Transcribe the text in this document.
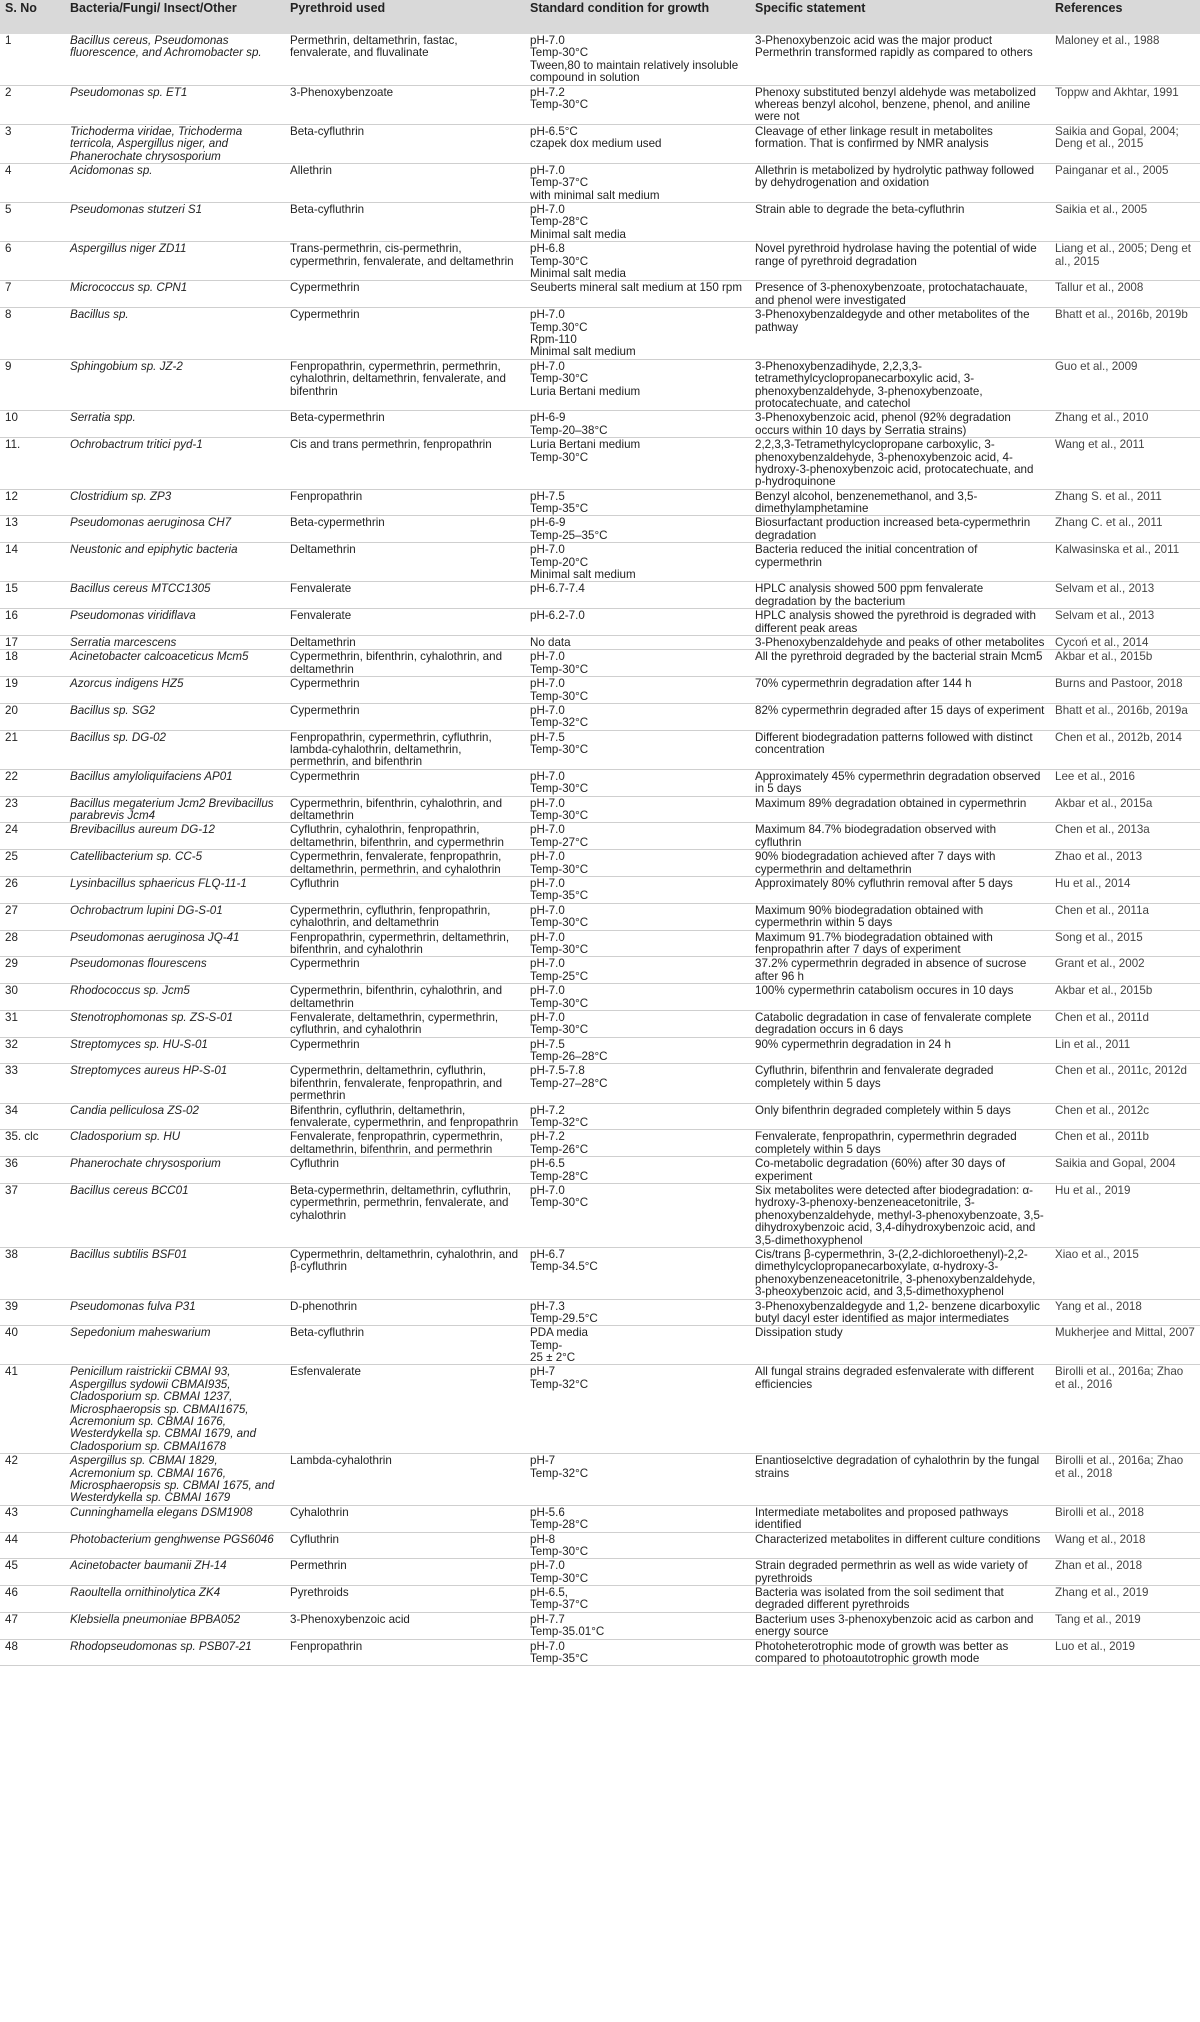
S. No	Bacteria/Fungi/ Insect/Other	Pyrethroid used	Standard condition for growth	Specific statement	References
1	Bacillus cereus, Pseudomonas fluorescence, and Achromobacter sp.	Permethrin, deltamethrin, fastac, fenvalerate, and fluvalinate	pH-7.0
Temp-30°C
Tween,80 to maintain relatively insoluble compound in solution	3-Phenoxybenzoic acid was the major product
Permethrin transformed rapidly as compared to others	Maloney et al., 1988
2	Pseudomonas sp. ET1	3-Phenoxybenzoate	pH-7.2
Temp-30°C	Phenoxy substituted benzyl aldehyde was metabolized whereas benzyl alcohol, benzene, phenol, and aniline were not	Toppw and Akhtar, 1991
3	Trichoderma viridae, Trichoderma terricola, Aspergillus niger, and Phanerochate chrysosporium	Beta-cyfluthrin	pH-6.5°C
czapek dox medium used	Cleavage of ether linkage result in metabolites formation. That is confirmed by NMR analysis	Saikia and Gopal, 2004; Deng et al., 2015
4	Acidomonas sp.	Allethrin	pH-7.0
Temp-37°C
with minimal salt medium	Allethrin is metabolized by hydrolytic pathway followed by dehydrogenation and oxidation	Painganar et al., 2005
5	Pseudomonas stutzeri S1	Beta-cyfluthrin	pH-7.0
Temp-28°C
Minimal salt media	Strain able to degrade the beta-cyfluthrin	Saikia et al., 2005
6	Aspergillus niger ZD11	Trans-permethrin, cis-permethrin, cypermethrin, fenvalerate, and deltamethrin	pH-6.8
Temp-30°C
Minimal salt media	Novel pyrethroid hydrolase having the potential of wide range of pyrethroid degradation	Liang et al., 2005; Deng et al., 2015
7	Micrococcus sp. CPN1	Cypermethrin	Seuberts mineral salt medium at 150 rpm	Presence of 3-phenoxybenzoate, protochatachauate, and phenol were investigated	Tallur et al., 2008
8	Bacillus sp.	Cypermethrin	pH-7.0
Temp.30°C
Rpm-110
Minimal salt medium	3-Phenoxybenzaldegyde and other metabolites of the pathway	Bhatt et al., 2016b, 2019b
9	Sphingobium sp. JZ-2	Fenpropathrin, cypermethrin, permethrin, cyhalothrin, deltamethrin, fenvalerate, and bifenthrin	pH-7.0
Temp-30°C
Luria Bertani medium	3-Phenoxybenzadihyde, 2,2,3,3-tetramethylcyclopropanecarboxylic acid, 3-phenoxybenzaldehyde, 3-phenoxybenzoate, protocatechuate, and catechol	Guo et al., 2009
10	Serratia spp.	Beta-cypermethrin	pH-6-9
Temp-20–38°C	3-Phenoxybenzoic acid, phenol (92% degradation occurs within 10 days by Serratia strains)	Zhang et al., 2010
11.	Ochrobactrum tritici pyd-1	Cis and trans permethrin, fenpropathrin	Luria Bertani medium
Temp-30°C	2,2,3,3-Tetramethylcyclopropane carboxylic, 3-phenoxybenzaldehyde, 3-phenoxybenzoic acid, 4-hydroxy-3-phenoxybenzoic acid, protocatechuate, and p-hydroquinone	Wang et al., 2011
12	Clostridium sp. ZP3	Fenpropathrin	pH-7.5
Temp-35°C	Benzyl alcohol, benzenemethanol, and 3,5-dimethylamphetamine	Zhang S. et al., 2011
13	Pseudomonas aeruginosa CH7	Beta-cypermethrin	pH-6-9
Temp-25–35°C	Biosurfactant production increased beta-cypermethrin degradation	Zhang C. et al., 2011
14	Neustonic and epiphytic bacteria	Deltamethrin	pH-7.0
Temp-20°C
Minimal salt medium	Bacteria reduced the initial concentration of cypermethrin	Kalwasinska et al., 2011
15	Bacillus cereus MTCC1305	Fenvalerate	pH-6.7-7.4	HPLC analysis showed 500 ppm fenvalerate degradation by the bacterium	Selvam et al., 2013
16	Pseudomonas viridiflava	Fenvalerate	pH-6.2-7.0	HPLC analysis showed the pyrethroid is degraded with different peak areas	Selvam et al., 2013
17	Serratia marcescens	Deltamethrin	No data	3-Phenoxybenzaldehyde and peaks of other metabolites	Cycoń et al., 2014
18	Acinetobacter calcoaceticus Mcm5	Cypermethrin, bifenthrin, cyhalothrin, and deltamethrin	pH-7.0
Temp-30°C	All the pyrethroid degraded by the bacterial strain Mcm5	Akbar et al., 2015b
19	Azorcus indigens HZ5	Cypermethrin	pH-7.0
Temp-30°C	70% cypermethrin degradation after 144 h	Burns and Pastoor, 2018
20	Bacillus sp. SG2	Cypermethrin	pH-7.0
Temp-32°C	82% cypermethrin degraded after 15 days of experiment	Bhatt et al., 2016b, 2019a
21	Bacillus sp. DG-02	Fenpropathrin, cypermethrin, cyfluthrin, lambda-cyhalothrin, deltamethrin, permethrin, and bifenthrin	pH-7.5
Temp-30°C	Different biodegradation patterns followed with distinct concentration	Chen et al., 2012b, 2014
22	Bacillus amyloliquifaciens AP01	Cypermethrin	pH-7.0
Temp-30°C	Approximately 45% cypermethrin degradation observed in 5 days	Lee et al., 2016
23	Bacillus megaterium Jcm2 Brevibacillus parabrevis Jcm4	Cypermethrin, bifenthrin, cyhalothrin, and deltamethrin	pH-7.0
Temp-30°C	Maximum 89% degradation obtained in cypermethrin	Akbar et al., 2015a
24	Brevibacillus aureum DG-12	Cyfluthrin, cyhalothrin, fenpropathrin, deltamethrin, bifenthrin, and cypermethrin	pH-7.0
Temp-27°C	Maximum 84.7% biodegradation observed with cyfluthrin	Chen et al., 2013a
25	Catellibacterium sp. CC-5	Cypermethrin, fenvalerate, fenpropathrin, deltamethrin, permethrin, and cyhalothrin	pH-7.0
Temp-30°C	90% biodegradation achieved after 7 days with cypermethrin and deltamethrin	Zhao et al., 2013
26	Lysinbacillus sphaericus FLQ-11-1	Cyfluthrin	pH-7.0
Temp-35°C	Approximately 80% cyfluthrin removal after 5 days	Hu et al., 2014
27	Ochrobactrum lupini DG-S-01	Cypermethrin, cyfluthrin, fenpropathrin, cyhalothrin, and deltamethrin	pH-7.0
Temp-30°C	Maximum 90% biodegradation obtained with cypermethrin within 5 days	Chen et al., 2011a
28	Pseudomonas aeruginosa JQ-41	Fenpropathrin, cypermethrin, deltamethrin, bifenthrin, and cyhalothrin	pH-7.0
Temp-30°C	Maximum 91.7% biodegradation obtained with fenpropathrin after 7 days of experiment	Song et al., 2015
29	Pseudomonas flourescens	Cypermethrin	pH-7.0
Temp-25°C	37.2% cypermethrin degraded in absence of sucrose after 96 h	Grant et al., 2002
30	Rhodococcus sp. Jcm5	Cypermethrin, bifenthrin, cyhalothrin, and deltamethrin	pH-7.0
Temp-30°C	100% cypermethrin catabolism occures in 10 days	Akbar et al., 2015b
31	Stenotrophomonas sp. ZS-S-01	Fenvalerate, deltamethrin, cypermethrin, cyfluthrin, and cyhalothrin	pH-7.0
Temp-30°C	Catabolic degradation in case of fenvalerate complete degradation occurs in 6 days	Chen et al., 2011d
32	Streptomyces sp. HU-S-01	Cypermethrin	pH-7.5
Temp-26–28°C	90% cypermethrin degradation in 24 h	Lin et al., 2011
33	Streptomyces aureus HP-S-01	Cypermethrin, deltamethrin, cyfluthrin, bifenthrin, fenvalerate, fenpropathrin, and permethrin	pH-7.5-7.8
Temp-27–28°C	Cyfluthrin, bifenthrin and fenvalerate degraded completely within 5 days	Chen et al., 2011c, 2012d
34	Candia pelliculosa ZS-02	Bifenthrin, cyfluthrin, deltamethrin, fenvalerate, cypermethrin, and fenpropathrin	pH-7.2
Temp-32°C	Only bifenthrin degraded completely within 5 days	Chen et al., 2012c
35. clc	Cladosporium sp. HU	Fenvalerate, fenpropathrin, cypermethrin, deltamethrin, bifenthrin, and permethrin	pH-7.2
Temp-26°C	Fenvalerate, fenpropathrin, cypermethrin degraded completely within 5 days	Chen et al., 2011b
36	Phanerochate chrysosporium	Cyfluthrin	pH-6.5
Temp-28°C	Co-metabolic degradation (60%) after 30 days of experiment	Saikia and Gopal, 2004
37	Bacillus cereus BCC01	Beta-cypermethrin, deltamethrin, cyfluthrin, cypermethrin, permethrin, fenvalerate, and cyhalothrin	pH-7.0
Temp-30°C	Six metabolites were detected after biodegradation: α-hydroxy-3-phenoxy-benzeneacetonitrile, 3-phenoxybenzaldehyde, methyl-3-phenoxybenzoate, 3,5-dihydroxybenzoic acid, 3,4-dihydroxybenzoic acid, and 3,5-dimethoxyphenol	Hu et al., 2019
38	Bacillus subtilis BSF01	Cypermethrin, deltamethrin, cyhalothrin, and β-cyfluthrin	pH-6.7
Temp-34.5°C	Cis/trans β-cypermethrin, 3-(2,2-dichloroethenyl)-2,2-dimethylcyclopropanecarboxylate, α-hydroxy-3-phenoxybenzeneacetonitrile, 3-phenoxybenzaldehyde, 3-pheoxybenzoic acid, and 3,5-dimethoxyphenol	Xiao et al., 2015
39	Pseudomonas fulva P31	D-phenothrin	pH-7.3
Temp-29.5°C	3-Phenoxybenzaldegyde and 1,2- benzene dicarboxylic butyl dacyl ester identified as major intermediates	Yang et al., 2018
40	Sepedonium maheswarium	Beta-cyfluthrin	PDA media
Temp-
25 ± 2°C	Dissipation study	Mukherjee and Mittal, 2007
41	Penicillum raistrickii CBMAI 93, Aspergillus sydowii CBMAI935, Cladosporium sp. CBMAI 1237, Microsphaeropsis sp. CBMAI1675, Acremonium sp. CBMAI 1676, Westerdykella sp. CBMAI 1679, and Cladosporium sp. CBMAI1678	Esfenvalerate	pH-7
Temp-32°C	All fungal strains degraded esfenvalerate with different efficiencies	Birolli et al., 2016a; Zhao et al., 2016
42	Aspergillus sp. CBMAI 1829, Acremonium sp. CBMAI 1676, Microsphaeropsis sp. CBMAI 1675, and Westerdykella sp. CBMAI 1679	Lambda-cyhalothrin	pH-7
Temp-32°C	Enantioselctive degradation of cyhalothrin by the fungal strains	Birolli et al., 2016a; Zhao et al., 2018
43	Cunninghamella elegans DSM1908	Cyhalothrin	pH-5.6
Temp-28°C	Intermediate metabolites and proposed pathways identified	Birolli et al., 2018
44	Photobacterium genghwense PGS6046	Cyfluthrin	pH-8
Temp-30°C	Characterized metabolites in different culture conditions	Wang et al., 2018
45	Acinetobacter baumanii ZH-14	Permethrin	pH-7.0
Temp-30°C	Strain degraded permethrin as well as wide variety of pyrethroids	Zhan et al., 2018
46	Raoultella ornithinolytica ZK4	Pyrethroids	pH-6.5,
Temp-37°C	Bacteria was isolated from the soil sediment that degraded different pyrethroids	Zhang et al., 2019
47	Klebsiella pneumoniae BPBA052	3-Phenoxybenzoic acid	pH-7.7
Temp-35.01°C	Bacterium uses 3-phenoxybenzoic acid as carbon and energy source	Tang et al., 2019
48	Rhodopseudomonas sp. PSB07-21	Fenpropathrin	pH-7.0
Temp-35°C	Photoheterotrophic mode of growth was better as compared to photoautotrophic growth mode	Luo et al., 2019
